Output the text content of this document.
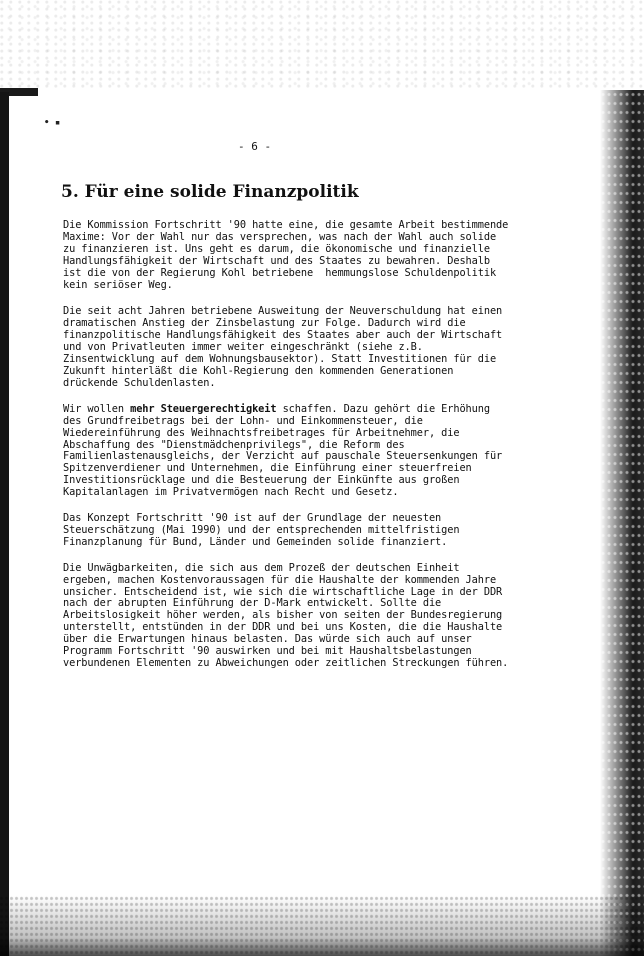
• ▪
- 6 -
5. Für eine solide Finanzpolitik

Die Kommission Fortschritt '90 hatte eine, die gesamte Arbeit bestimmende
Maxime: Vor der Wahl nur das versprechen, was nach der Wahl auch solide
zu finanzieren ist. Uns geht es darum, die ökonomische und finanzielle
Handlungsfähigkeit der Wirtschaft und des Staates zu bewahren. Deshalb
ist die von der Regierung Kohl betriebene  hemmungslose Schuldenpolitik
kein seriöser Weg.

Die seit acht Jahren betriebene Ausweitung der Neuverschuldung hat einen
dramatischen Anstieg der Zinsbelastung zur Folge. Dadurch wird die
finanzpolitische Handlungsfähigkeit des Staates aber auch der Wirtschaft
und von Privatleuten immer weiter eingeschränkt (siehe z.B.
Zinsentwicklung auf dem Wohnungsbausektor). Statt Investitionen für die
Zukunft hinterläßt die Kohl-Regierung den kommenden Generationen
drückende Schuldenlasten.

Wir wollen mehr Steuergerechtigkeit schaffen. Dazu gehört die Erhöhung
des Grundfreibetrags bei der Lohn- und Einkommensteuer, die
Wiedereinführung des Weihnachtsfreibetrages für Arbeitnehmer, die
Abschaffung des "Dienstmädchenprivilegs", die Reform des
Familienlastenausgleichs, der Verzicht auf pauschale Steuersenkungen für
Spitzenverdiener und Unternehmen, die Einführung einer steuerfreien
Investitionsrücklage und die Besteuerung der Einkünfte aus großen
Kapitalanlagen im Privatvermögen nach Recht und Gesetz.

Das Konzept Fortschritt '90 ist auf der Grundlage der neuesten
Steuerschätzung (Mai 1990) und der entsprechenden mittelfristigen
Finanzplanung für Bund, Länder und Gemeinden solide finanziert.

Die Unwägbarkeiten, die sich aus dem Prozeß der deutschen Einheit
ergeben, machen Kostenvoraussagen für die Haushalte der kommenden Jahre
unsicher. Entscheidend ist, wie sich die wirtschaftliche Lage in der DDR
nach der abrupten Einführung der D-Mark entwickelt. Sollte die
Arbeitslosigkeit höher werden, als bisher von seiten der Bundesregierung
unterstellt, entstünden in der DDR und bei uns Kosten, die die Haushalte
über die Erwartungen hinaus belasten. Das würde sich auch auf unser
Programm Fortschritt '90 auswirken und bei mit Haushaltsbelastungen
verbundenen Elementen zu Abweichungen oder zeitlichen Streckungen führen.
